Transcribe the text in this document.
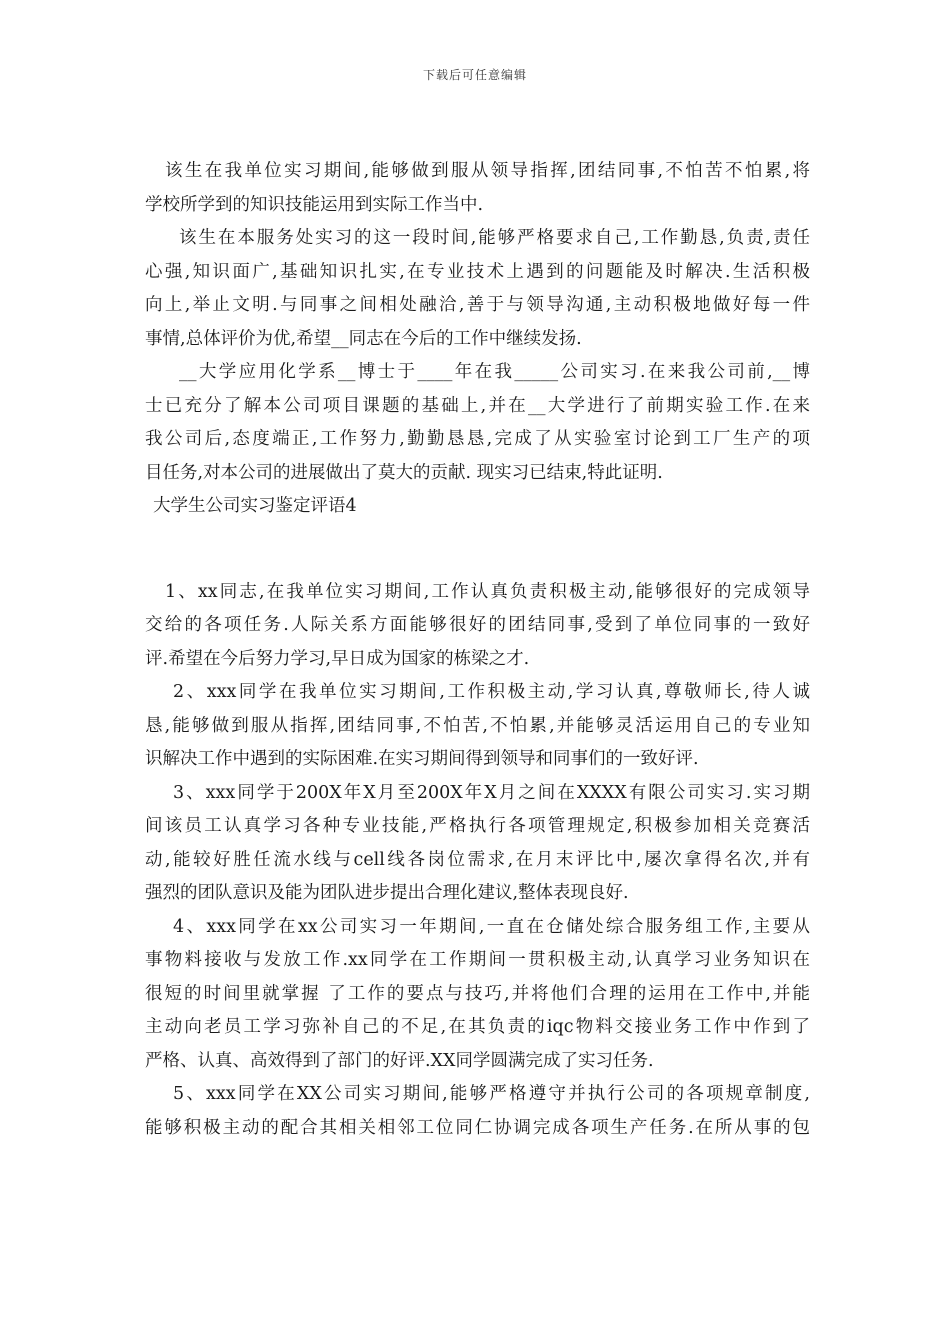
下载后可任意编辑
该生在我单位实习期间,能够做到服从领导指挥,团结同事,不怕苦不怕累,将
学校所学到的知识技能运用到实际工作当中.
该生在本服务处实习的这一段时间,能够严格要求自己,工作勤恳,负责,责任
心强,知识面广,基础知识扎实,在专业技术上遇到的问题能及时解决.生活积极
向上,举止文明.与同事之间相处融洽,善于与领导沟通,主动积极地做好每一件
事情,总体评价为优,希望__同志在今后的工作中继续发扬.
__大学应用化学系__博士于____年在我_____公司实习.在来我公司前,__博
士已充分了解本公司项目课题的基础上,并在__大学进行了前期实验工作.在来
我公司后,态度端正,工作努力,勤勤恳恳,完成了从实验室讨论到工厂生产的项
目任务,对本公司的进展做出了莫大的贡献. 现实习已结束,特此证明.
大学生公司实习鉴定评语4
1、xx同志,在我单位实习期间,工作认真负责积极主动,能够很好的完成领导
交给的各项任务.人际关系方面能够很好的团结同事,受到了单位同事的一致好
评.希望在今后努力学习,早日成为国家的栋梁之才.
2、xxx同学在我单位实习期间,工作积极主动,学习认真,尊敬师长,待人诚
恳,能够做到服从指挥,团结同事,不怕苦,不怕累,并能够灵活运用自己的专业知
识解决工作中遇到的实际困难.在实习期间得到领导和同事们的一致好评.
3、xxx同学于200X年X月至200X年X月之间在XXXX有限公司实习.实习期
间该员工认真学习各种专业技能,严格执行各项管理规定,积极参加相关竞赛活
动,能较好胜任流水线与cell线各岗位需求,在月末评比中,屡次拿得名次,并有
强烈的团队意识及能为团队进步提出合理化建议,整体表现良好.
4、xxx同学在xx公司实习一年期间,一直在仓储处综合服务组工作,主要从
事物料接收与发放工作.xx同学在工作期间一贯积极主动,认真学习业务知识在
很短的时间里就掌握 了工作的要点与技巧,并将他们合理的运用在工作中,并能
主动向老员工学习弥补自己的不足,在其负责的iqc物料交接业务工作中作到了
严格、认真、高效得到了部门的好评.XX同学圆满完成了实习任务.
5、xxx同学在XX公司实习期间,能够严格遵守并执行公司的各项规章制度,
能够积极主动的配合其相关相邻工位同仁协调完成各项生产任务.在所从事的包
